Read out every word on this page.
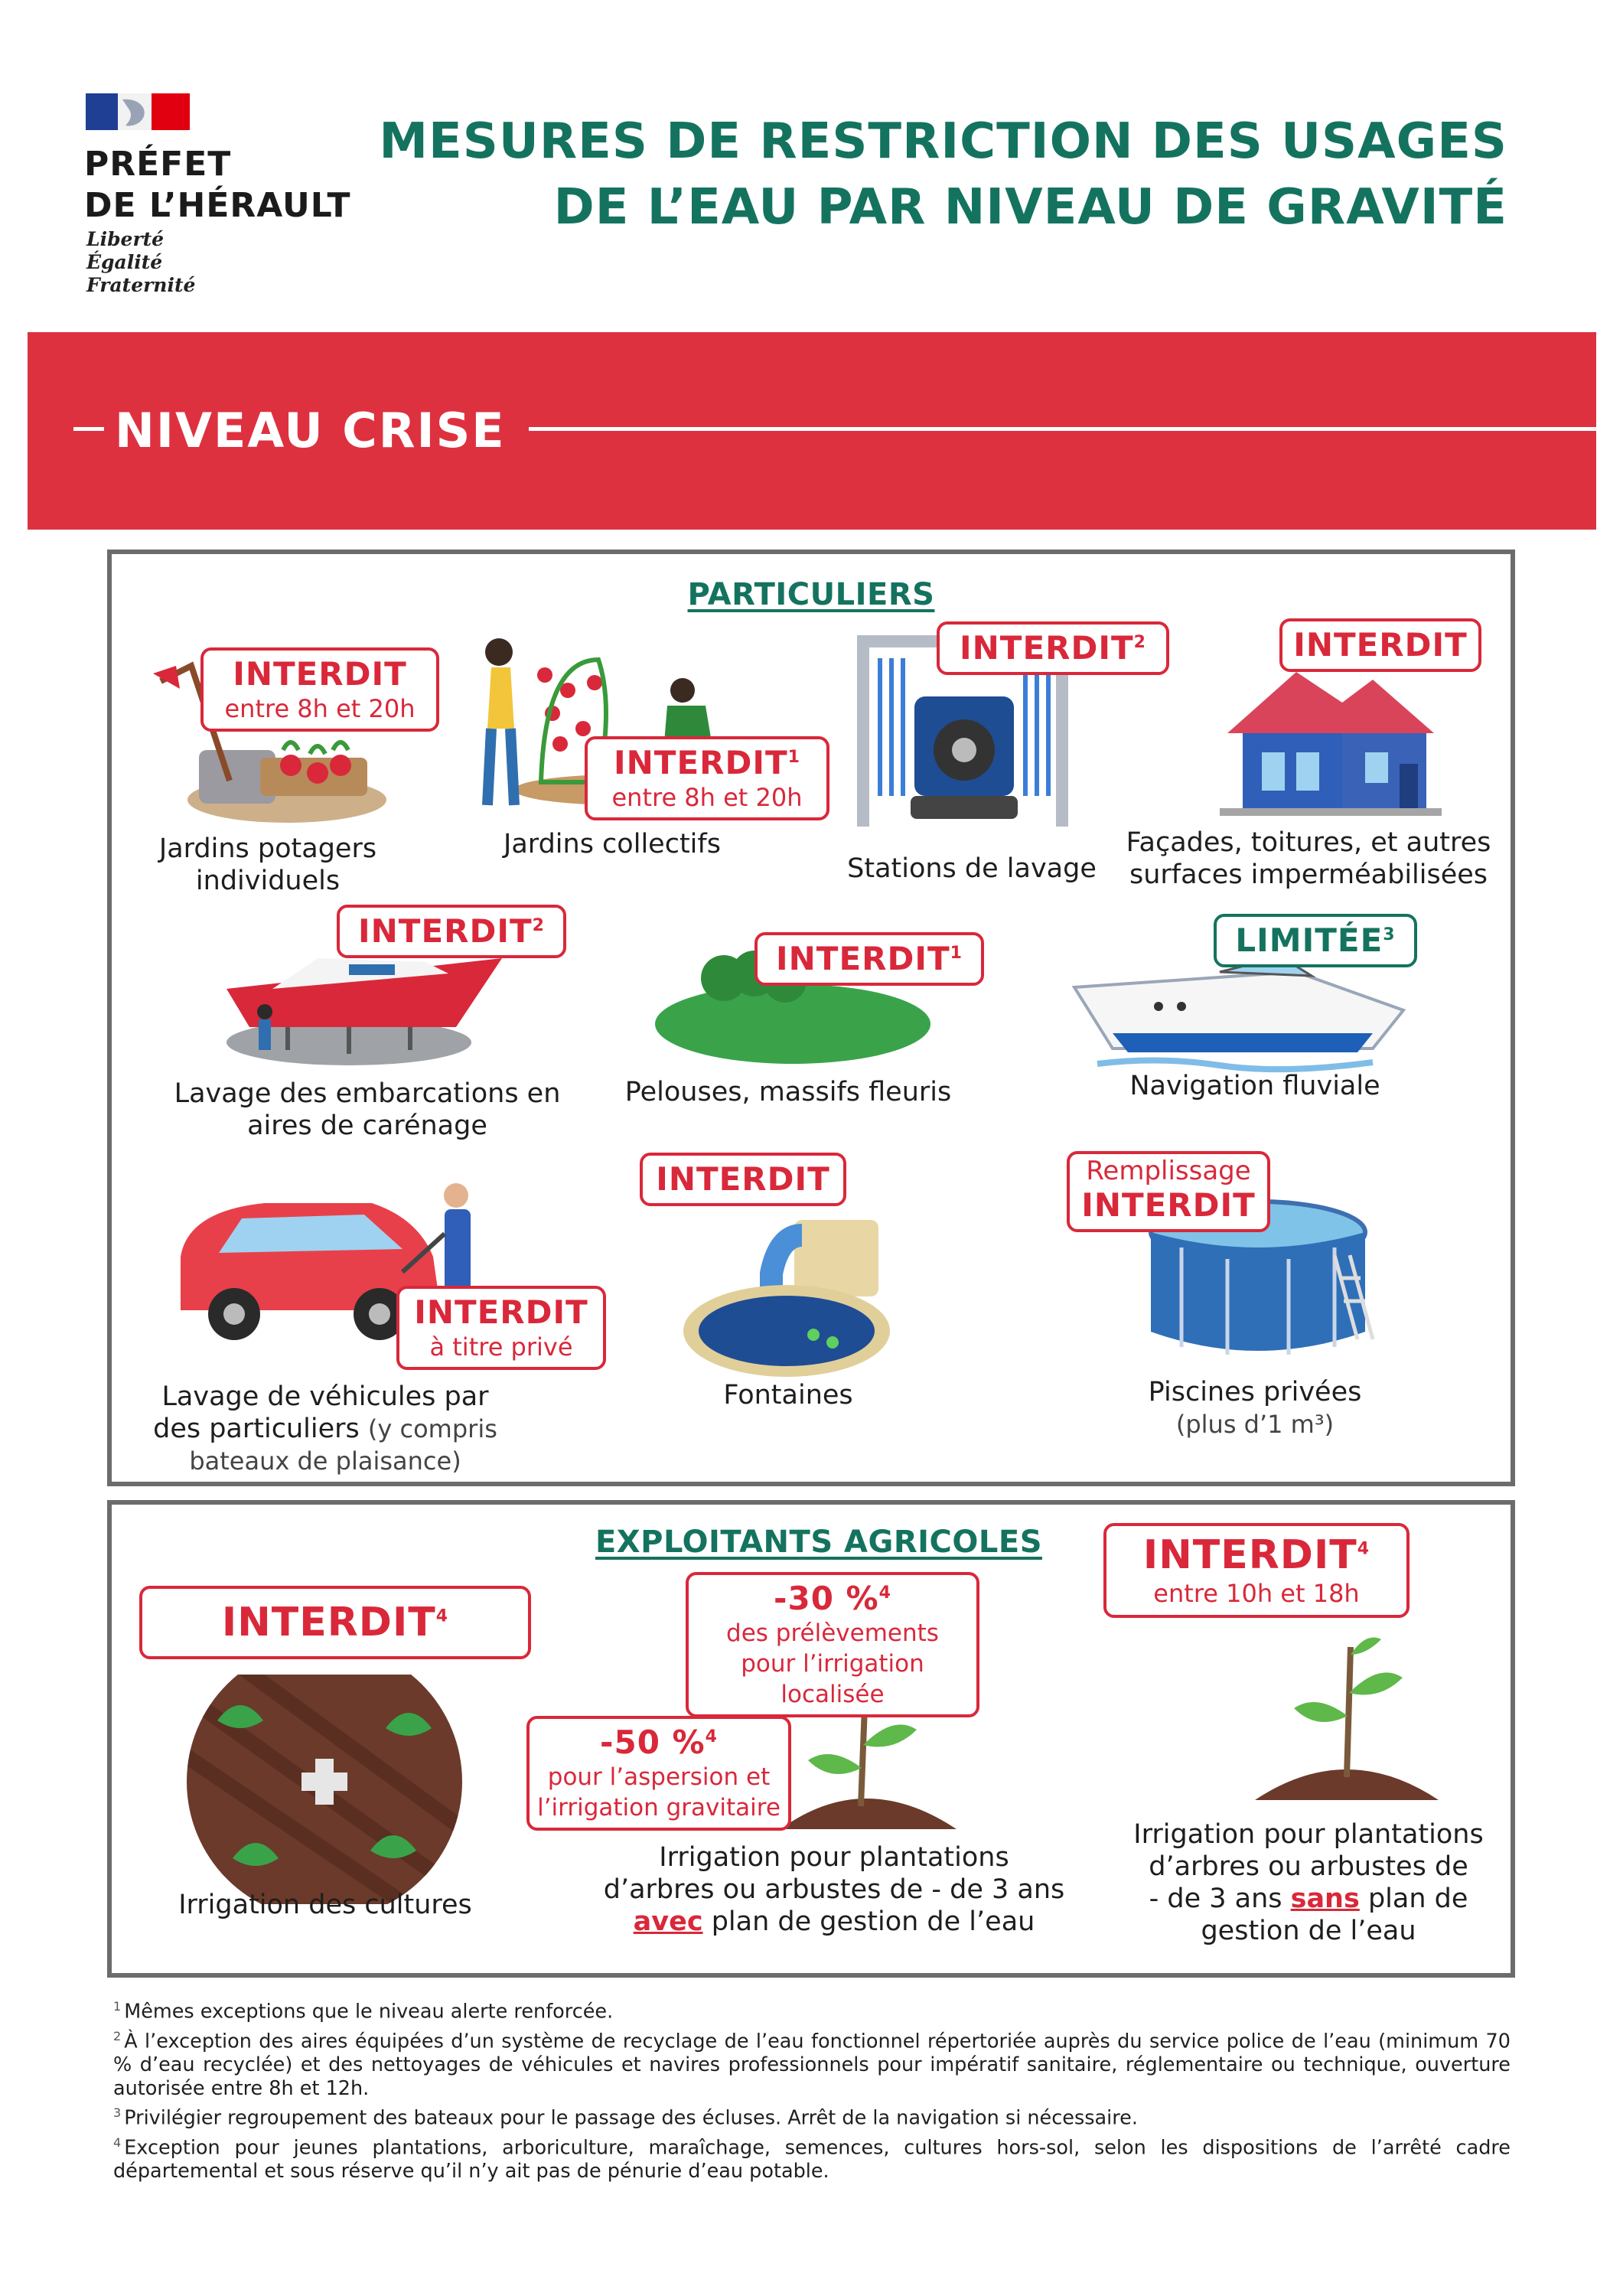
PRÉFET
DE L’HÉRAULT
Liberté
Égalité
Fraternité
MESURES DE RESTRICTION DES USAGES
DE L’EAU PAR NIVEAU DE GRAVITÉ
NIVEAU CRISE
PARTICULIERS
INTERDIT
entre 8h et 20h
Jardins potagers individuels
INTERDIT$^1$
entre 8h et 20h
Jardins collectifs
INTERDIT$^2$
Stations de lavage
INTERDIT
Façades, toitures, et autres surfaces imperméabilisées
INTERDIT$^2$
Lavage des embarcations en aires de carénage
INTERDIT$^1$
Pelouses, massifs fleuris
LIMITÉE$^3$
Navigation fluviale
INTERDIT
à titre privé
Lavage de véhicules par des particuliers (y compris bateaux de plaisance)
INTERDIT
Fontaines
Remplissage
INTERDIT
Piscines privées
(plus d’1 m³)
EXPLOITANTS AGRICOLES
INTERDIT$^4$
Irrigation des cultures
-30 %$^4$
des prélèvements pour l’irrigation localisée
-50 %$^4$
pour l’aspersion et l’irrigation gravitaire
Irrigation pour plantations
d’arbres ou arbustes de - de 3 ans
avec plan de gestion de l’eau
INTERDIT$^4$
entre 10h et 18h
Irrigation pour plantations
d’arbres ou arbustes de
- de 3 ans sans plan de
gestion de l’eau

$^1$ Mêmes exceptions que le niveau alerte renforcée.

$^2$ À l’exception des aires équipées d’un système de recyclage de l’eau fonctionnel répertoriée auprès du service police de l’eau (minimum 70 % d’eau recyclée) et des nettoyages de véhicules et navires professionnels pour impératif sanitaire, réglementaire ou technique, ouverture autorisée entre 8h et 12h.

$^3$ Privilégier regroupement des bateaux pour le passage des écluses. Arrêt de la navigation si nécessaire.

$^4$ Exception pour jeunes plantations, arboriculture, maraîchage, semences, cultures hors-sol, selon les dispositions de l’arrêté cadre départemental et sous réserve qu’il n’y ait pas de pénurie d’eau potable.
